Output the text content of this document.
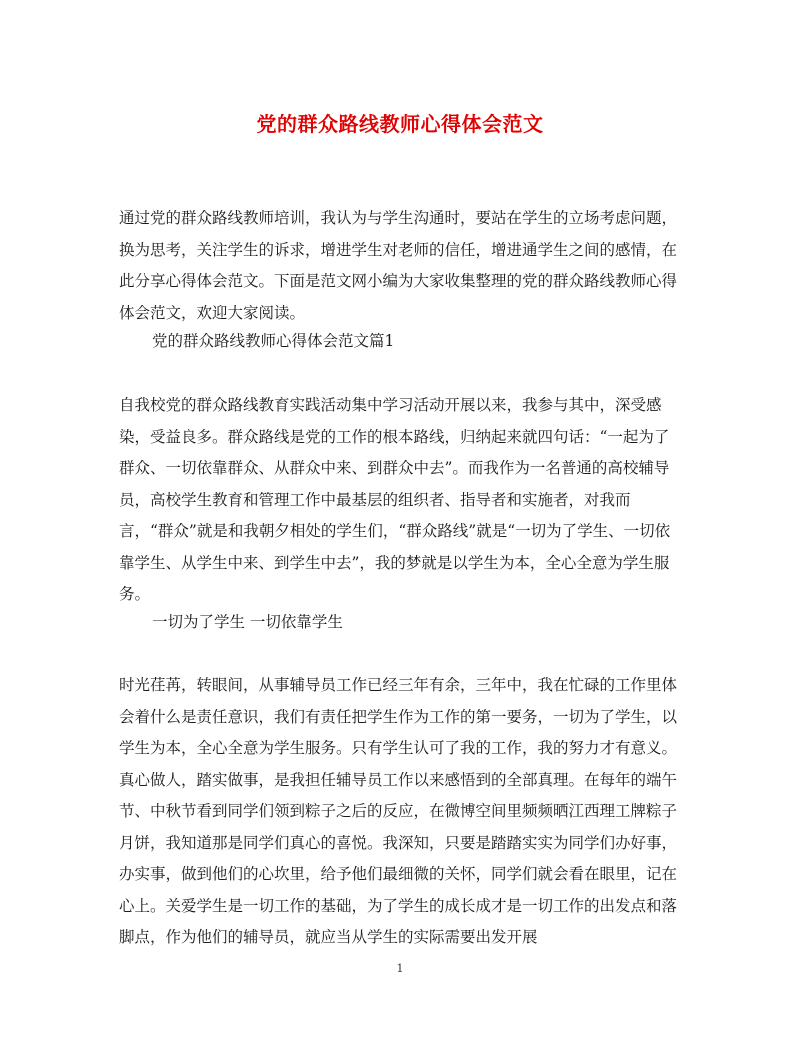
党的群众路线教师心得体会范文

通过党的群众路线教师培训，我认为与学生沟通时，要站在学生的立场考虑问题，换为思考，关注学生的诉求，增进学生对老师的信任，增进通学生之间的感情，在此分享心得体会范文。下面是范文网小编为大家收集整理的党的群众路线教师心得体会范文，欢迎大家阅读。

党的群众路线教师心得体会范文篇1

自我校党的群众路线教育实践活动集中学习活动开展以来，我参与其中，深受感染，受益良多。群众路线是党的工作的根本路线，归纳起来就四句话：“一起为了群众、一切依靠群众、从群众中来、到群众中去”。而我作为一名普通的高校辅导员，高校学生教育和管理工作中最基层的组织者、指导者和实施者，对我而言，“群众”就是和我朝夕相处的学生们，“群众路线”就是“一切为了学生、一切依靠学生、从学生中来、到学生中去”，我的梦就是以学生为本，全心全意为学生服务。

一切为了学生 一切依靠学生

时光荏苒，转眼间，从事辅导员工作已经三年有余，三年中，我在忙碌的工作里体会着什么是责任意识，我们有责任把学生作为工作的第一要务，一切为了学生，以学生为本，全心全意为学生服务。只有学生认可了我的工作，我的努力才有意义。真心做人，踏实做事，是我担任辅导员工作以来感悟到的全部真理。在每年的端午节、中秋节看到同学们领到粽子之后的反应，在微博空间里频频晒江西理工牌粽子月饼，我知道那是同学们真心的喜悦。我深知，只要是踏踏实实为同学们办好事，办实事，做到他们的心坎里，给予他们最细微的关怀，同学们就会看在眼里，记在心上。关爱学生是一切工作的基础，为了学生的成长成才是一切工作的出发点和落脚点，作为他们的辅导员，就应当从学生的实际需要出发开展

1
